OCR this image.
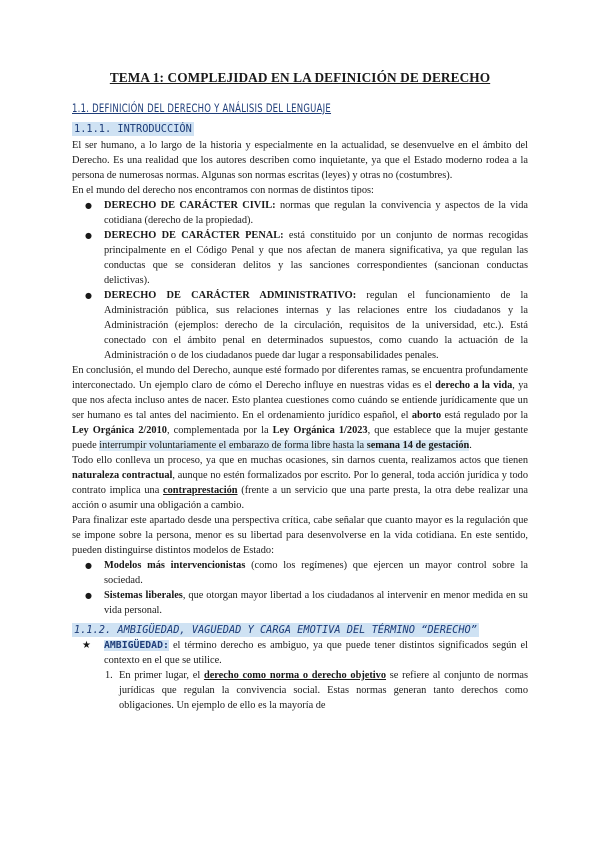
TEMA 1: COMPLEJIDAD EN LA DEFINICIÓN DE DERECHO
1.1. DEFINICIÓN DEL DERECHO Y ANÁLISIS DEL LENGUAJE
1.1.1. INTRODUCCIÓN

El ser humano, a lo largo de la historia y especialmente en la actualidad, se desenvuelve en el ámbito del Derecho. Es una realidad que los autores describen como inquietante, ya que el Estado moderno rodea a la persona de numerosas normas. Algunas son normas escritas (leyes) y otras no (costumbres).

En el mundo del derecho nos encontramos con normas de distintos tipos:

● DERECHO DE CARÁCTER CIVIL: normas que regulan la convivencia y aspectos de la vida cotidiana (derecho de la propiedad).
● DERECHO DE CARÁCTER PENAL: está constituido por un conjunto de normas recogidas principalmente en el Código Penal y que nos afectan de manera significativa, ya que regulan las conductas que se consideran delitos y las sanciones correspondientes (sancionan conductas delictivas).
● DERECHO DE CARÁCTER ADMINISTRATIVO: regulan el funcionamiento de la Administración pública, sus relaciones internas y las relaciones entre los ciudadanos y la Administración (ejemplos: derecho de la circulación, requisitos de la universidad, etc.). Está conectado con el ámbito penal en determinados supuestos, como cuando la actuación de la Administración o de los ciudadanos puede dar lugar a responsabilidades penales.

En conclusión, el mundo del Derecho, aunque esté formado por diferentes ramas, se encuentra profundamente interconectado. Un ejemplo claro de cómo el Derecho influye en nuestras vidas es el derecho a la vida, ya que nos afecta incluso antes de nacer. Esto plantea cuestiones como cuándo se entiende jurídicamente que un ser humano es tal antes del nacimiento. En el ordenamiento jurídico español, el aborto está regulado por la Ley Orgánica 2/2010, complementada por la Ley Orgánica 1/2023, que establece que la mujer gestante puede interrumpir voluntariamente el embarazo de forma libre hasta la semana 14 de gestación.

Todo ello conlleva un proceso, ya que en muchas ocasiones, sin darnos cuenta, realizamos actos que tienen naturaleza contractual, aunque no estén formalizados por escrito. Por lo general, toda acción jurídica y todo contrato implica una contraprestación (frente a un servicio que una parte presta, la otra debe realizar una acción o asumir una obligación a cambio.

Para finalizar este apartado desde una perspectiva crítica, cabe señalar que cuanto mayor es la regulación que se impone sobre la persona, menor es su libertad para desenvolverse en la vida cotidiana. En este sentido, pueden distinguirse distintos modelos de Estado:

● Modelos más intervencionistas (como los regímenes) que ejercen un mayor control sobre la sociedad.
● Sistemas liberales, que otorgan mayor libertad a los ciudadanos al intervenir en menor medida en su vida personal.
1.1.2. AMBIGÜEDAD, VAGUEDAD Y CARGA EMOTIVA DEL TÉRMINO “DERECHO”
★ AMBIGÜEDAD: el término derecho es ambiguo, ya que puede tener distintos significados según el contexto en el que se utilice.
1. En primer lugar, el derecho como norma o derecho objetivo se refiere al conjunto de normas jurídicas que regulan la convivencia social. Estas normas generan tanto derechos como obligaciones. Un ejemplo de ello es la mayoría de
